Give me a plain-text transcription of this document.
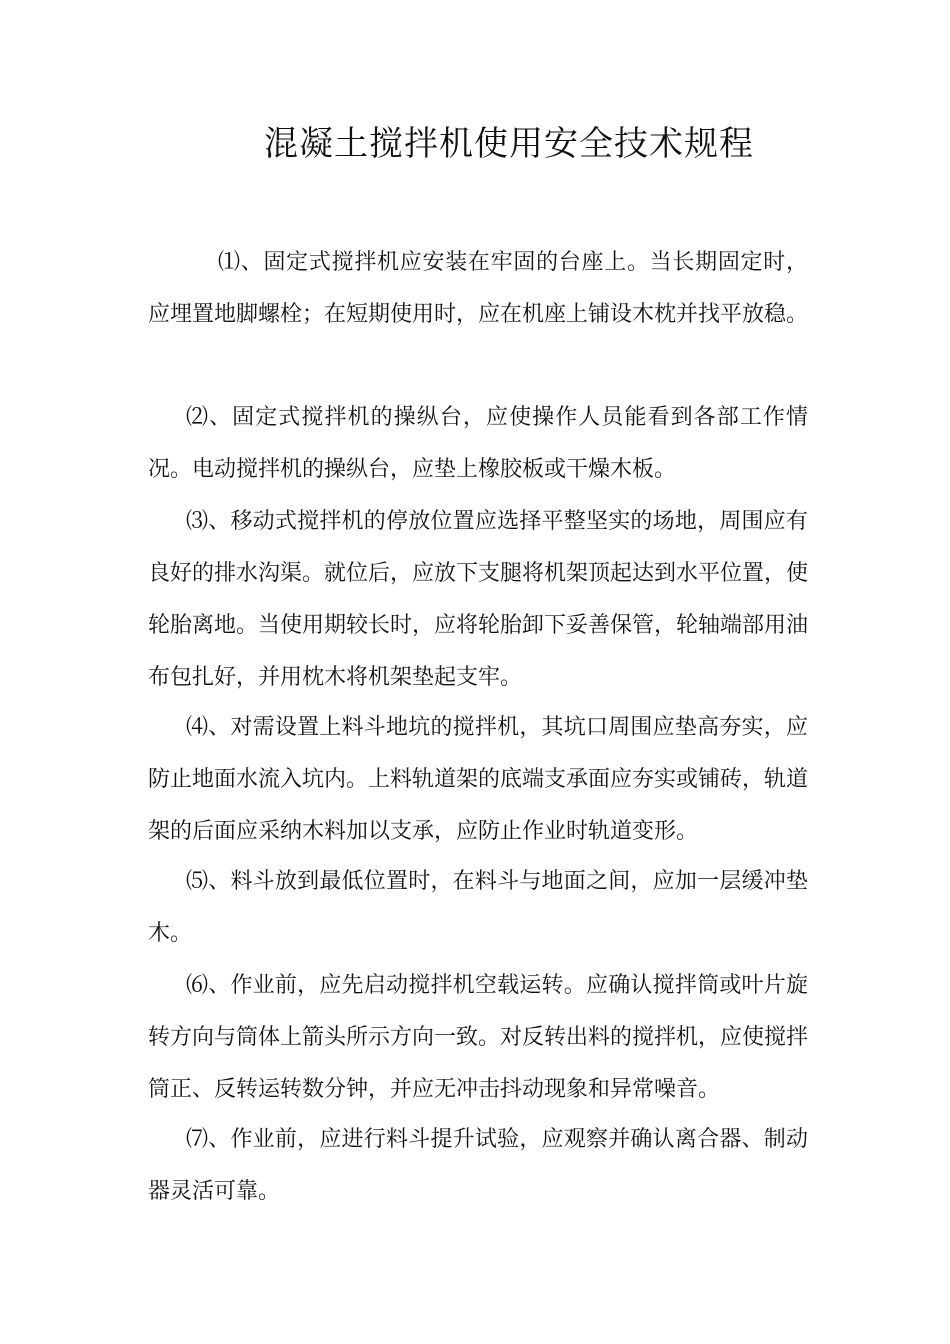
混凝土搅拌机使用安全技术规程

⑴、固定式搅拌机应安装在牢固的台座上。当长期固定时，应埋置地脚螺栓；在短期使用时，应在机座上铺设木枕并找平放稳。

⑵、固定式搅拌机的操纵台，应使操作人员能看到各部工作情况。电动搅拌机的操纵台，应垫上橡胶板或干燥木板。

⑶、移动式搅拌机的停放位置应选择平整坚实的场地，周围应有良好的排水沟渠。就位后，应放下支腿将机架顶起达到水平位置，使轮胎离地。当使用期较长时，应将轮胎卸下妥善保管，轮轴端部用油布包扎好，并用枕木将机架垫起支牢。

⑷、对需设置上料斗地坑的搅拌机，其坑口周围应垫高夯实，应防止地面水流入坑内。上料轨道架的底端支承面应夯实或铺砖，轨道架的后面应采纳木料加以支承，应防止作业时轨道变形。

⑸、料斗放到最低位置时，在料斗与地面之间，应加一层缓冲垫木。

⑹、作业前，应先启动搅拌机空载运转。应确认搅拌筒或叶片旋转方向与筒体上箭头所示方向一致。对反转出料的搅拌机，应使搅拌筒正、反转运转数分钟，并应无冲击抖动现象和异常噪音。

⑺、作业前，应进行料斗提升试验，应观察并确认离合器、制动器灵活可靠。
